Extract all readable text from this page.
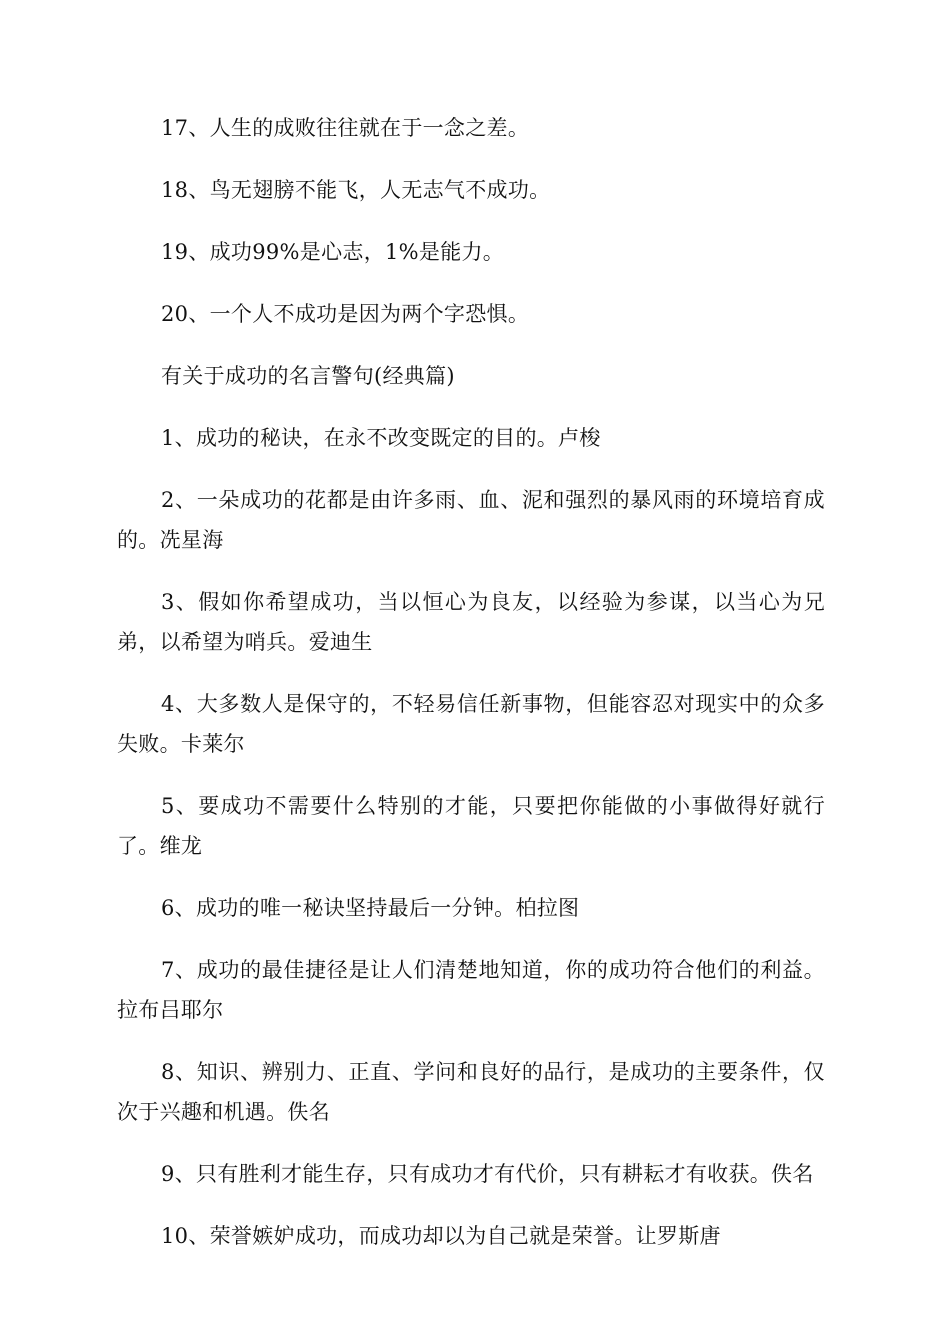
17、人生的成败往往就在于一念之差。

18、鸟无翅膀不能飞，人无志气不成功。

19、成功99%是心志，1%是能力。

20、一个人不成功是因为两个字恐惧。

有关于成功的名言警句(经典篇)

1、成功的秘诀，在永不改变既定的目的。卢梭

2、一朵成功的花都是由许多雨、血、泥和强烈的暴风雨的环境培育成的。冼星海

3、假如你希望成功，当以恒心为良友，以经验为参谋，以当心为兄弟，以希望为哨兵。爱迪生

4、大多数人是保守的，不轻易信任新事物，但能容忍对现实中的众多失败。卡莱尔

5、要成功不需要什么特别的才能，只要把你能做的小事做得好就行了。维龙

6、成功的唯一秘诀坚持最后一分钟。柏拉图

7、成功的最佳捷径是让人们清楚地知道，你的成功符合他们的利益。拉布吕耶尔

8、知识、辨别力、正直、学问和良好的品行，是成功的主要条件，仅次于兴趣和机遇。佚名

9、只有胜利才能生存，只有成功才有代价，只有耕耘才有收获。佚名

10、荣誉嫉妒成功，而成功却以为自己就是荣誉。让罗斯唐
